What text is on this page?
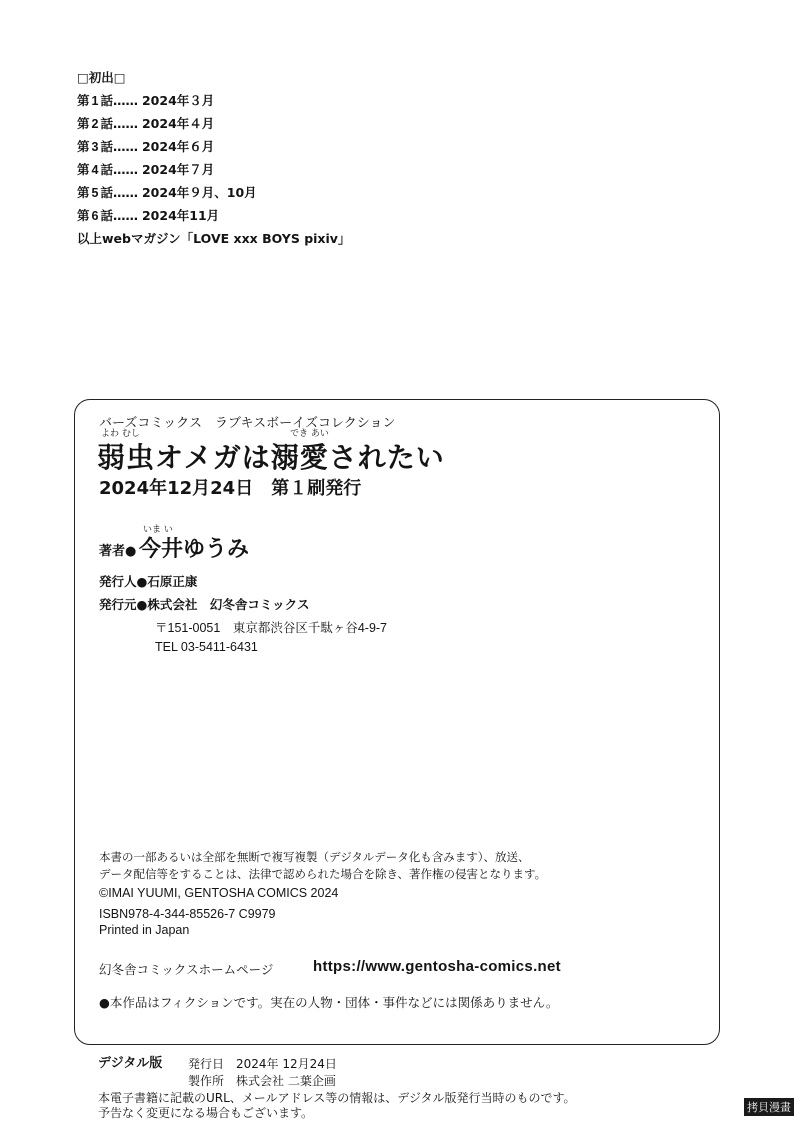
□初出□
第 1 話…… 2024年３月
第 2 話…… 2024年４月
第 3 話…… 2024年６月
第 4 話…… 2024年７月
第 5 話…… 2024年９月、10月
第 6 話…… 2024年11月
以上webマガジン「LOVE xxx BOYS pixiv」
バーズコミックス　ラブキスボーイズコレクション
よわ むし	でき あい
弱虫オメガは溺愛されたい
2024年12月24日　第１刷発行
いま い
著者● 今井ゆうみ
発行人●石原正康
発行元●株式会社　幻冬舎コミックス
〒151-0051　東京都渋谷区千駄ヶ谷4-9-7
TEL 03-5411-6431
本書の一部あるいは全部を無断で複写複製（デジタルデータ化も含みます）、放送、
データ配信等をすることは、法律で認められた場合を除き、著作権の侵害となります。
©IMAI YUUMI, GENTOSHA COMICS 2024
ISBN978-4-344-85526-7 C9979
Printed in Japan
幻冬舎コミックスホームページ	https://www.gentosha-comics.net
●本作品はフィクションです。実在の人物・団体・事件などには関係ありません。
デジタル版 発行日 2024年 12月24日
製作所 株式会社 二葉企画
本電子書籍に記載のURL、メールアドレス等の情報は、デジタル版発行当時のものです。
予告なく変更になる場合もございます。	拷貝漫畫
